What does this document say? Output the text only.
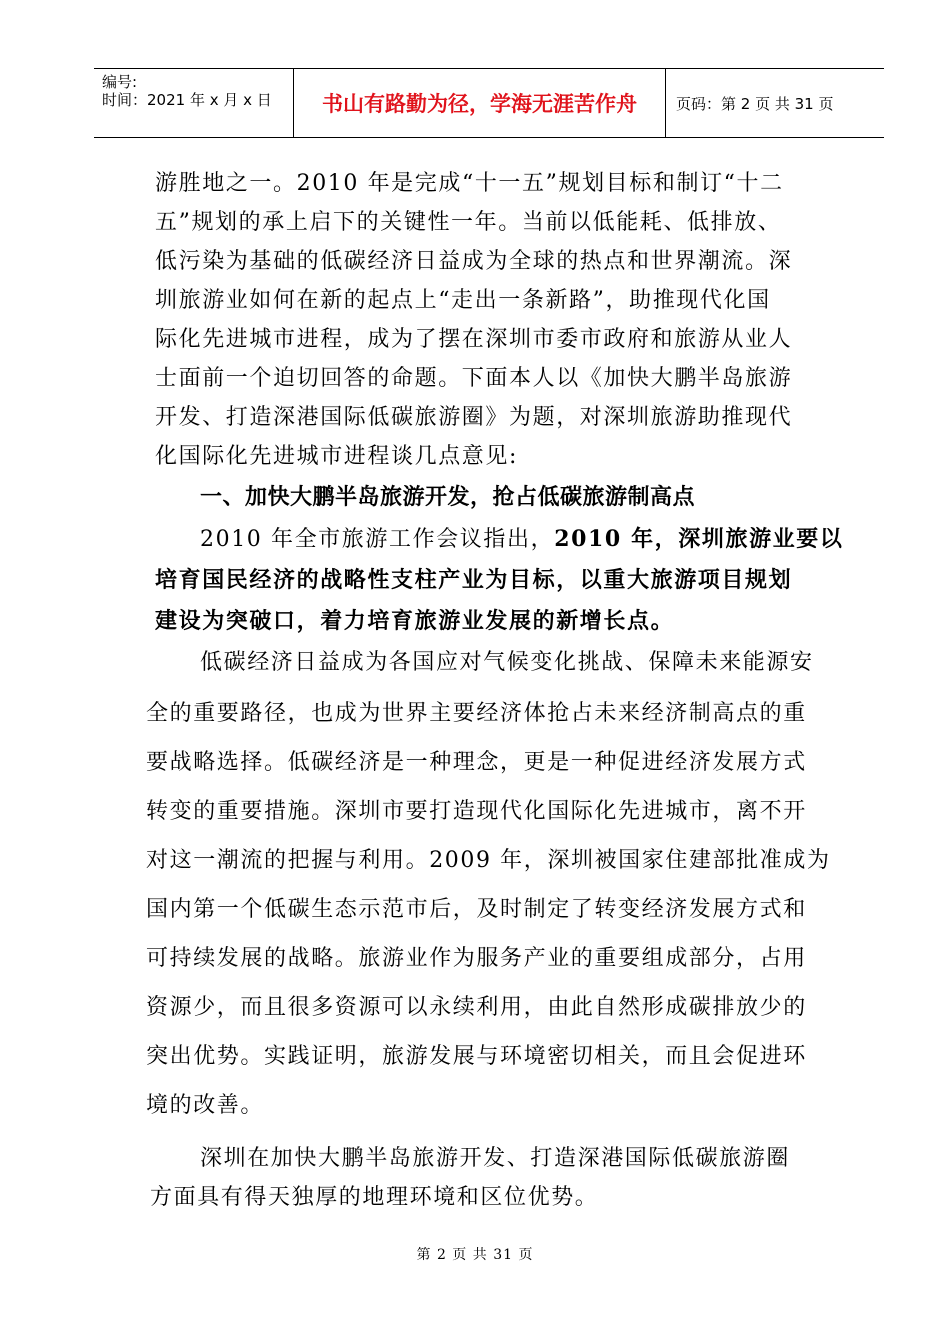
编号:
时间：2021 年 x 月 x 日	书山有路勤为径，学海无涯苦作舟	页码：第 2 页 共 31 页
游胜地之一。2010 年是完成“十一五”规划目标和制订“十二
五”规划的承上启下的关键性一年。当前以低能耗、低排放、
低污染为基础的低碳经济日益成为全球的热点和世界潮流。深
圳旅游业如何在新的起点上“走出一条新路”，助推现代化国
际化先进城市进程，成为了摆在深圳市委市政府和旅游从业人
士面前一个迫切回答的命题。下面本人以《加快大鹏半岛旅游
开发、打造深港国际低碳旅游圈》为题，对深圳旅游助推现代
化国际化先进城市进程谈几点意见:
一、加快大鹏半岛旅游开发，抢占低碳旅游制高点
2010 年全市旅游工作会议指出，2010 年，深圳旅游业要以
培育国民经济的战略性支柱产业为目标，以重大旅游项目规划
建设为突破口，着力培育旅游业发展的新增长点。
低碳经济日益成为各国应对气候变化挑战、保障未来能源安
全的重要路径，也成为世界主要经济体抢占未来经济制高点的重
要战略选择。低碳经济是一种理念，更是一种促进经济发展方式
转变的重要措施。深圳市要打造现代化国际化先进城市，离不开
对这一潮流的把握与利用。2009 年，深圳被国家住建部批准成为
国内第一个低碳生态示范市后，及时制定了转变经济发展方式和
可持续发展的战略。旅游业作为服务产业的重要组成部分，占用
资源少，而且很多资源可以永续利用，由此自然形成碳排放少的
突出优势。实践证明，旅游发展与环境密切相关，而且会促进环
境的改善。
深圳在加快大鹏半岛旅游开发、打造深港国际低碳旅游圈
方面具有得天独厚的地理环境和区位优势。
第 2 页 共 31 页
